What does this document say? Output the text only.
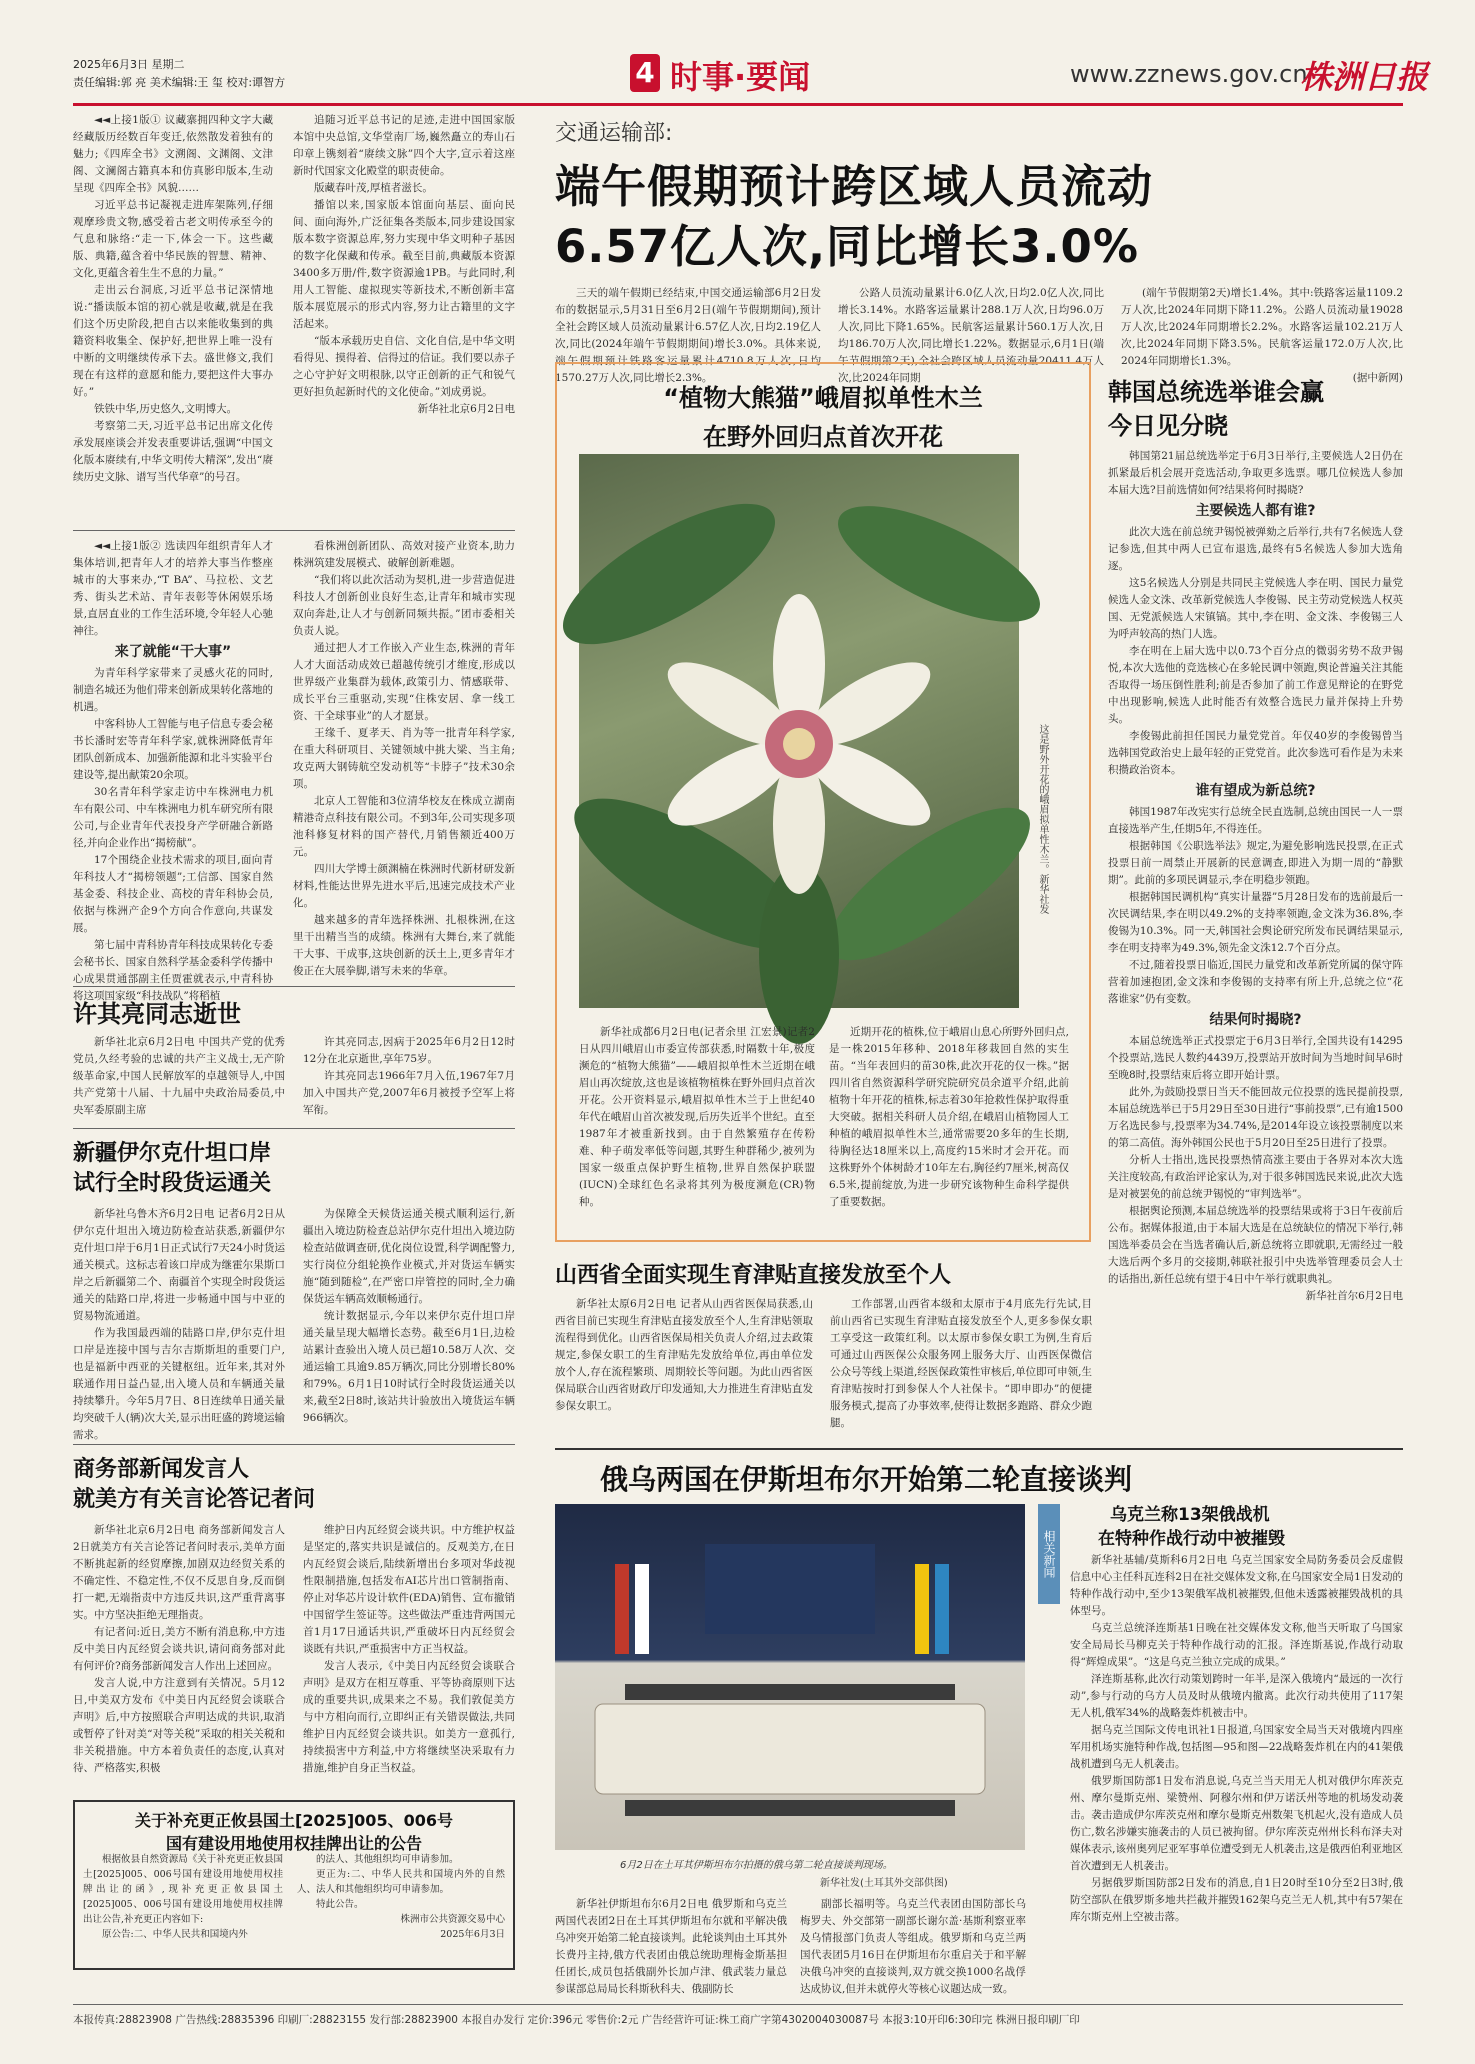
2025年6月3日 星期二
责任编辑:郭 亮 美术编辑:王 玺 校对:谭智方	4 时事·要闻	www.zznews.gov.cn
株洲日报

◄◄上接1版① 议藏寨拥四种文字大藏经藏版历经数百年变迁,依然散发着独有的魅力;《四库全书》文溯阁、文渊阁、文津阁、文澜阁古籍真本和仿真影印版本,生动呈现《四库全书》风貌……

习近平总书记凝视走进库架陈列,仔细观摩珍贵文物,感受着古老文明传承至今的气息和脉络:“走一下,体会一下。这些藏版、典籍,蕴含着中华民族的智慧、精神、文化,更蕴含着生生不息的力量。”

走出云台洞底,习近平总书记深情地说:“播读版本馆的初心就是收藏,就是在我们这个历史阶段,把自古以来能收集到的典籍资料收集全、保护好,把世界上唯一没有中断的文明继续传承下去。盛世修文,我们现在有这样的意愿和能力,要把这件大事办好。”

铁铁中华,历史悠久,文明博大。

考察第二天,习近平总书记出席文化传承发展座谈会并发表重要讲话,强调“中国文化版本赓续有,中华文明传大精深”,发出“赓续历史文脉、谱写当代华章”的号召。

追随习近平总书记的足迹,走进中国国家版本馆中央总馆,文华堂南厂场,巍然矗立的寿山石印章上镌刻着“赓续文脉”四个大字,宣示着这座新时代国家文化殿堂的职责使命。

版藏春叶茂,厚植者滋长。

播馆以来,国家版本馆面向基层、面向民间、面向海外,广泛征集各类版本,同步建设国家版本数字资源总库,努力实现中华文明种子基因的数字化保藏和传承。截至目前,典藏版本资源3400多万册/件,数字资源逾1PB。与此同时,利用人工智能、虚拟现实等新技术,不断创新丰富版本展览展示的形式内容,努力让古籍里的文字活起来。

“版本承载历史自信、文化自信,是中华文明看得见、摸得着、信得过的信证。我们要以赤子之心守护好文明根脉,以守正创新的正气和锐气更好担负起新时代的文化使命。”刘成勇说。

新华社北京6月2日电

◄◄上接1版② 选读四年组织青年人才集体培训,把青年人才的培养大事当作整座城市的大事来办,“T BA”、马拉松、文艺秀、街头艺术站、青年表彰等休闲娱乐场景,直居直业的工作生活环境,令年轻人心驰神往。

来了就能“干大事”

为青年科学家带来了灵感火花的同时,制造名城还为他们带来创新成果转化落地的机遇。

中客科协人工智能与电子信息专委会秘书长潘时宏等青年科学家,就株洲降低青年团队创新成本、加强新能源和北斗实验平台建设等,提出献策20余项。

30名青年科学家走访中车株洲电力机车有限公司、中车株洲电力机车研究所有限公司,与企业青年代表投身产学研融合新路径,并向企业作出“揭榜献”。

17个围绕企业技术需求的项目,面向青年科技人才“揭榜领题”;工信部、国家自然基金委、科技企业、高校的青年科协会员,依据与株洲产企9个方向合作意向,共谋发展。

第七届中青科协青年科技成果转化专委会秘书长、国家自然科学基金委科学传播中心成果贯通部副主任贾霍就表示,中青科协将这项国家级“科技战队”将稻植

看株洲创新团队、高效对接产业资本,助力株洲筑建发展模式、破解创新难题。

“我们将以此次活动为契机,进一步营造促进科技人才创新创业良好生态,让青年和城市实现双向奔赴,让人才与创新同频共振。”团市委相关负责人说。

通过把人才工作嵌入产业生态,株洲的青年人才大面活动成效已超越传统引才维度,形成以世界级产业集群为载体,政策引力、情感联带、成长平台三重驱动,实现“住株安居、拿一线工资、干全球事业”的人才愿景。

王缘千、夏孝天、肖为等一批青年科学家,在重大科研项目、关键领域中挑大梁、当主角;攻克两大钢铸航空发动机等“卡脖子”技术30余项。

北京人工智能和3位清华校友在株成立湖南精港奇点科技有限公司。不到3年,公司实现多项池科修复材料的国产替代,月销售额近400万元。

四川大学博士颜渊楠在株洲时代新材研发新材料,性能达世界先进水平后,迅速完成技术产业化。

越来越多的青年选择株洲、扎根株洲,在这里干出精当当的成绩。株洲有大舞台,来了就能干大事、干成事,这块创新的沃土上,更多青年才俊正在大展拳脚,谱写未来的华章。

许其亮同志逝世

新华社北京6月2日电 中国共产党的优秀党员,久经考验的忠诚的共产主义战士,无产阶级革命家,中国人民解放军的卓越领导人,中国共产党第十八届、十九届中央政治局委员,中央军委原副主席

许其亮同志,因病于2025年6月2日12时12分在北京逝世,享年75岁。

许其亮同志1966年7月入伍,1967年7月加入中国共产党,2007年6月被授予空军上将军衔。

新疆伊尔克什坦口岸
试行全时段货运通关

新华社乌鲁木齐6月2日电 记者6月2日从伊尔克什坦出入境边防检查站获悉,新疆伊尔克什坦口岸于6月1日正式试行7天24小时货运通关模式。这标志着该口岸成为继霍尔果斯口岸之后新疆第二个、南疆首个实现全时段货运通关的陆路口岸,将进一步畅通中国与中亚的贸易物流通道。

作为我国最西端的陆路口岸,伊尔克什坦口岸是连接中国与吉尔吉斯斯坦的重要门户,也是福新中西亚的关键枢纽。近年来,其对外联通作用日益凸显,出入境人员和车辆通关量持续攀升。今年5月7日、8日连续单日通关量均突破千人(辆)次大关,显示出旺盛的跨境运输需求。

为保障全天候货运通关模式顺利运行,新疆出入境边防检查总站伊尔克什坦出入境边防检查站做调查研,优化岗位设置,科学调配警力,实行岗位分组轮换作业模式,并对货运车辆实施“随到随检”,在严密口岸管控的同时,全力确保货运车辆高效顺畅通行。

统计数据显示,今年以来伊尔克什坦口岸通关量呈现大幅增长态势。截至6月1日,边检站累计查验出入境人员已超10.58万人次、交通运输工具逾9.85万辆次,同比分别增长80%和79%。6月1日10时试行全时段货运通关以来,截至2日8时,该站共计验放出入境货运车辆966辆次。

商务部新闻发言人
就美方有关言论答记者问

新华社北京6月2日电 商务部新闻发言人2日就美方有关言论答记者问时表示,美单方面不断挑起新的经贸摩擦,加剧双边经贸关系的不确定性、不稳定性,不仅不反思自身,反而倒打一耙,无端指责中方违反共识,这严重背离事实。中方坚决拒绝无理指责。

有记者问:近日,美方不断有消息称,中方违反中美日内瓦经贸会谈共识,请问商务部对此有何评价?商务部新闻发言人作出上述回应。

发言人说,中方注意到有关情况。5月12日,中美双方发布《中美日内瓦经贸会谈联合声明》后,中方按照联合声明达成的共识,取消或暂停了针对美“对等关税”采取的相关关税和非关税措施。中方本着负责任的态度,认真对待、严格落实,积极

维护日内瓦经贸会谈共识。中方维护权益是坚定的,落实共识是诚信的。反观美方,在日内瓦经贸会谈后,陆续新增出台多项对华歧视性限制措施,包括发布AI芯片出口管制指南、停止对华芯片设计软件(EDA)销售、宣布撤销中国留学生签证等。这些做法严重违背两国元首1月17日通话共识,严重破坏日内瓦经贸会谈既有共识,严重损害中方正当权益。

发言人表示,《中美日内瓦经贸会谈联合声明》是双方在相互尊重、平等协商原则下达成的重要共识,成果来之不易。我们敦促美方与中方相向而行,立即纠正有关错误做法,共同维护日内瓦经贸会谈共识。如美方一意孤行,持续损害中方利益,中方将继续坚决采取有力措施,维护自身正当权益。

关于补充更正攸县国土[2025]005、006号
国有建设用地使用权挂牌出让的公告

根据攸县自然资源局《关于补充更正攸县国土[2025]005、006号国有建设用地使用权挂牌出让的函》,现补充更正攸县国土[2025]005、006号国有建设用地使用权挂牌出让公告,补充更正内容如下:

原公告:二、中华人民共和国境内外

的法人、其他组织均可申请参加。

更正为:二、中华人民共和国境内外的自然人、法人和其他组织均可申请参加。

特此公告。

株洲市公共资源交易中心
2025年6月3日
交通运输部:
端午假期预计跨区域人员流动
6.57亿人次,同比增长3.0%

三天的端午假期已经结束,中国交通运输部6月2日发布的数据显示,5月31日至6月2日(端午节假期期间),预计全社会跨区域人员流动量累计6.57亿人次,日均2.19亿人次,同比(2024年端午节假期期间)增长3.0%。具体来说,端午假期预计铁路客运量累计4710.8万人次,日均1570.27万人次,同比增长2.3%。

公路人员流动量累计6.0亿人次,日均2.0亿人次,同比增长3.14%。水路客运量累计288.1万人次,日均96.0万人次,同比下降1.65%。民航客运量累计560.1万人次,日均186.70万人次,同比增长1.22%。数据显示,6月1日(端午节假期第2天),全社会跨区域人员流动量20411.4万人次,比2024年同期

(端午节假期第2天)增长1.4%。其中:铁路客运量1109.2万人次,比2024年同期下降11.2%。公路人员流动量19028万人次,比2024年同期增长2.2%。水路客运量102.21万人次,比2024年同期下降3.5%。民航客运量172.0万人次,比2024年同期增长1.3%。

(据中新网)
“植物大熊猫”峨眉拟单性木兰
在野外回归点首次开花
这是野外开花的峨眉拟单性木兰。新华社发

新华社成都6月2日电(记者余里 江宏景)记者2日从四川峨眉山市委宣传部获悉,时隔数十年,极度濒危的“植物大熊猫”——峨眉拟单性木兰近期在峨眉山再次绽放,这也是该植物植株在野外回归点首次开花。公开资料显示,峨眉拟单性木兰于上世纪40年代在峨眉山首次被发现,后历失近半个世纪。直至1987年才被重新找到。由于自然繁殖存在传粉难、种子萌发率低等问题,其野生种群稀少,被列为国家一级重点保护野生植物,世界自然保护联盟(IUCN)全球红色名录将其列为极度濒危(CR)物种。

近期开花的植株,位于峨眉山息心所野外回归点,是一株2015年移种、2018年移栽回自然的实生苗。“当年表回归的苗30株,此次开花的仅一株。”据四川省自然资源科学研究院研究员余道平介绍,此前植物十年开花的植株,标志着30年抢救性保护取得重大突破。据相关科研人员介绍,在峨眉山植物园人工种植的峨眉拟单性木兰,通常需要20多年的生长期,待胸径达18厘米以上,高度约15米时才会开花。而这株野外个体树龄才10年左右,胸径约7厘米,树高仅6.5米,提前绽放,为进一步研究该物种生命科学提供了重要数据。

韩国总统选举谁会赢
今日见分晓

韩国第21届总统选举定于6月3日举行,主要候选人2日仍在抓紧最后机会展开竞选活动,争取更多选票。哪几位候选人参加本届大选?目前选情如何?结果将何时揭晓?

主要候选人都有谁?

此次大选在前总统尹锡悦被弹劾之后举行,共有7名候选人登记参选,但其中两人已宣布退选,最终有5名候选人参加大选角逐。

这5名候选人分别是共同民主党候选人李在明、国民力量党候选人金文洙、改革新党候选人李俊锡、民主劳动党候选人权英国、无党派候选人宋镇镐。其中,李在明、金文洙、李俊锡三人为呼声较高的热门人选。

李在明在上届大选中以0.73个百分点的微弱劣势不敌尹锡悦,本次大选他的竞选核心在多轮民调中领跑,舆论普遍关注其能否取得一场压倒性胜利;前是否参加了前工作意见辩论的在野党中出现影响,候选人此时能否有效整合选民力量并保持上升势头。

李俊锡此前担任国民力量党党首。年仅40岁的李俊锡曾当选韩国党政治史上最年轻的正党党首。此次参选可看作是为未来积攒政治资本。

谁有望成为新总统?

韩国1987年改宪实行总统全民直选制,总统由国民一人一票直接选举产生,任期5年,不得连任。

根据韩国《公职选举法》规定,为避免影响选民投票,在正式投票日前一周禁止开展新的民意调查,即进入为期一周的“静默期”。此前的多项民调显示,李在明稳步领跑。

根据韩国民调机构“真实计量器”5月28日发布的选前最后一次民调结果,李在明以49.2%的支持率领跑,金文洙为36.8%,李俊锡为10.3%。同一天,韩国社会舆论研究所发布民调结果显示,李在明支持率为49.3%,领先金文洙12.7个百分点。

不过,随着投票日临近,国民力量党和改革新党所属的保守阵营着加速抱团,金文洙和李俊锡的支持率有所上升,总统之位“花落谁家”仍有变数。

结果何时揭晓?

本届总统选举正式投票定于6月3日举行,全国共设有14295个投票站,选民人数约4439万,投票站开放时间为当地时间早6时至晚8时,投票结束后将立即开始计票。

此外,为鼓励投票日当天不能回故元位投票的选民提前投票,本届总统选举已于5月29日至30日进行“事前投票”,已有逾1500万名选民参与,投票率为34.74%,是2014年设立该投票制度以来的第二高值。海外韩国公民也于5月20日至25日进行了投票。

分析人士指出,选民投票热情高涨主要由于各界对本次大选关注度较高,有政治评论家认为,对于很多韩国选民来说,此次大选是对被罢免的前总统尹锡悦的“审判选举”。

根据舆论预测,本届总统选举的投票结果或将于3日午夜前后公布。据媒体报道,由于本届大选是在总统缺位的情况下举行,韩国选举委员会在当选者确认后,新总统将立即就职,无需经过一般大选后两个多月的交接期,韩联社报引中央选举管理委员会人士的话指出,新任总统有望于4日中午举行就职典礼。

新华社首尔6月2日电
山西省全面实现生育津贴直接发放至个人

新华社太原6月2日电 记者从山西省医保局获悉,山西省目前已实现生育津贴直接发放至个人,生育津贴领取流程得到优化。山西省医保局相关负责人介绍,过去政策规定,参保女职工的生育津贴先发放给单位,再由单位发放个人,存在流程繁琐、周期较长等问题。为此山西省医保局联合山西省财政厅印发通知,大力推进生育津贴直发参保女职工。

工作部署,山西省本级和太原市于4月底先行先试,目前山西省已实现生育津贴直接发放至个人,更多参保女职工享受这一政策红利。以太原市参保女职工为例,生育后可通过山西医保公众服务网上服务大厅、山西医保微信公众号等线上渠道,经医保政策性审核后,单位即可申领,生育津贴按时打到参保人个人社保卡。“即申即办”的便捷服务模式,提高了办事效率,使得让数据多跑路、群众少跑腿。

俄乌两国在伊斯坦布尔开始第二轮直接谈判
6月2日在土耳其伊斯坦布尔拍摄的俄乌第二轮直接谈判现场。
新华社发(土耳其外交部供图)

新华社伊斯坦布尔6月2日电 俄罗斯和乌克兰两国代表团2日在土耳其伊斯坦布尔就和平解决俄乌冲突开始第二轮直接谈判。此轮谈判由土耳其外长费丹主持,俄方代表团由俄总统助理梅金斯基担任团长,成员包括俄副外长加卢津、俄武装力量总参谋部总局局长科斯秋科夫、俄副防长

副部长福明等。乌克兰代表团由国防部长乌梅罗夫、外交部第一副部长谢尔盖·基斯利察亚率及乌情报部门负责人等组成。俄罗斯和乌克兰两国代表团5月16日在伊斯坦布尔重启关于和平解决俄乌冲突的直接谈判,双方就交换1000名战俘达成协议,但并未就停火等核心议题达成一致。

相关新闻
乌克兰称13架俄战机
在特种作战行动中被摧毁

新华社基辅/莫斯科6月2日电 乌克兰国家安全局防务委员会反虚假信息中心主任科瓦连科2日在社交媒体发文称,在乌国家安全局1日发动的特种作战行动中,至少13架俄军战机被摧毁,但他未透露被摧毁战机的具体型号。

乌克兰总统泽连斯基1日晚在社交媒体发文称,他当天听取了乌国家安全局局长马柳克关于特种作战行动的汇报。泽连斯基说,作战行动取得“辉煌成果”。“这是乌克兰独立完成的成果。”

泽连斯基称,此次行动策划跨时一年半,是深入俄境内“最远的一次行动”,参与行动的乌方人员及时从俄境内撤离。此次行动共使用了117架无人机,俄军34%的战略轰炸机被击中。

据乌克兰国际文传电讯社1日报道,乌国家安全局当天对俄境内四座军用机场实施特种作战,包括图—95和图—22战略轰炸机在内的41架俄战机遭到乌无人机袭击。

俄罗斯国防部1日发布消息说,乌克兰当天用无人机对俄伊尔库茨克州、摩尔曼斯克州、梁赞州、阿穆尔州和伊万诺沃州等地的机场发动袭击。袭击造成伊尔库茨克州和摩尔曼斯克州数架飞机起火,没有造成人员伤亡,数名涉嫌实施袭击的人员已被拘留。伊尔库茨克州州长科布泽夫对媒体表示,该州奥列尼亚军事单位遭受到无人机袭击,这是俄西伯利亚地区首次遭到无人机袭击。

另据俄罗斯国防部2日发布的消息,自1日20时至10分至2日3时,俄防空部队在俄罗斯多地共拦截并摧毁162架乌克兰无人机,其中有57架在库尔斯克州上空被击落。

本报传真:28823908 广告热线:28835396 印刷厂:28823155 发行部:28823900 本报自办发行 定价:396元 零售价:2元 广告经营许可证:株工商广字第4302004030087号 本报3:10开印6:30印完 株洲日报印刷厂印
